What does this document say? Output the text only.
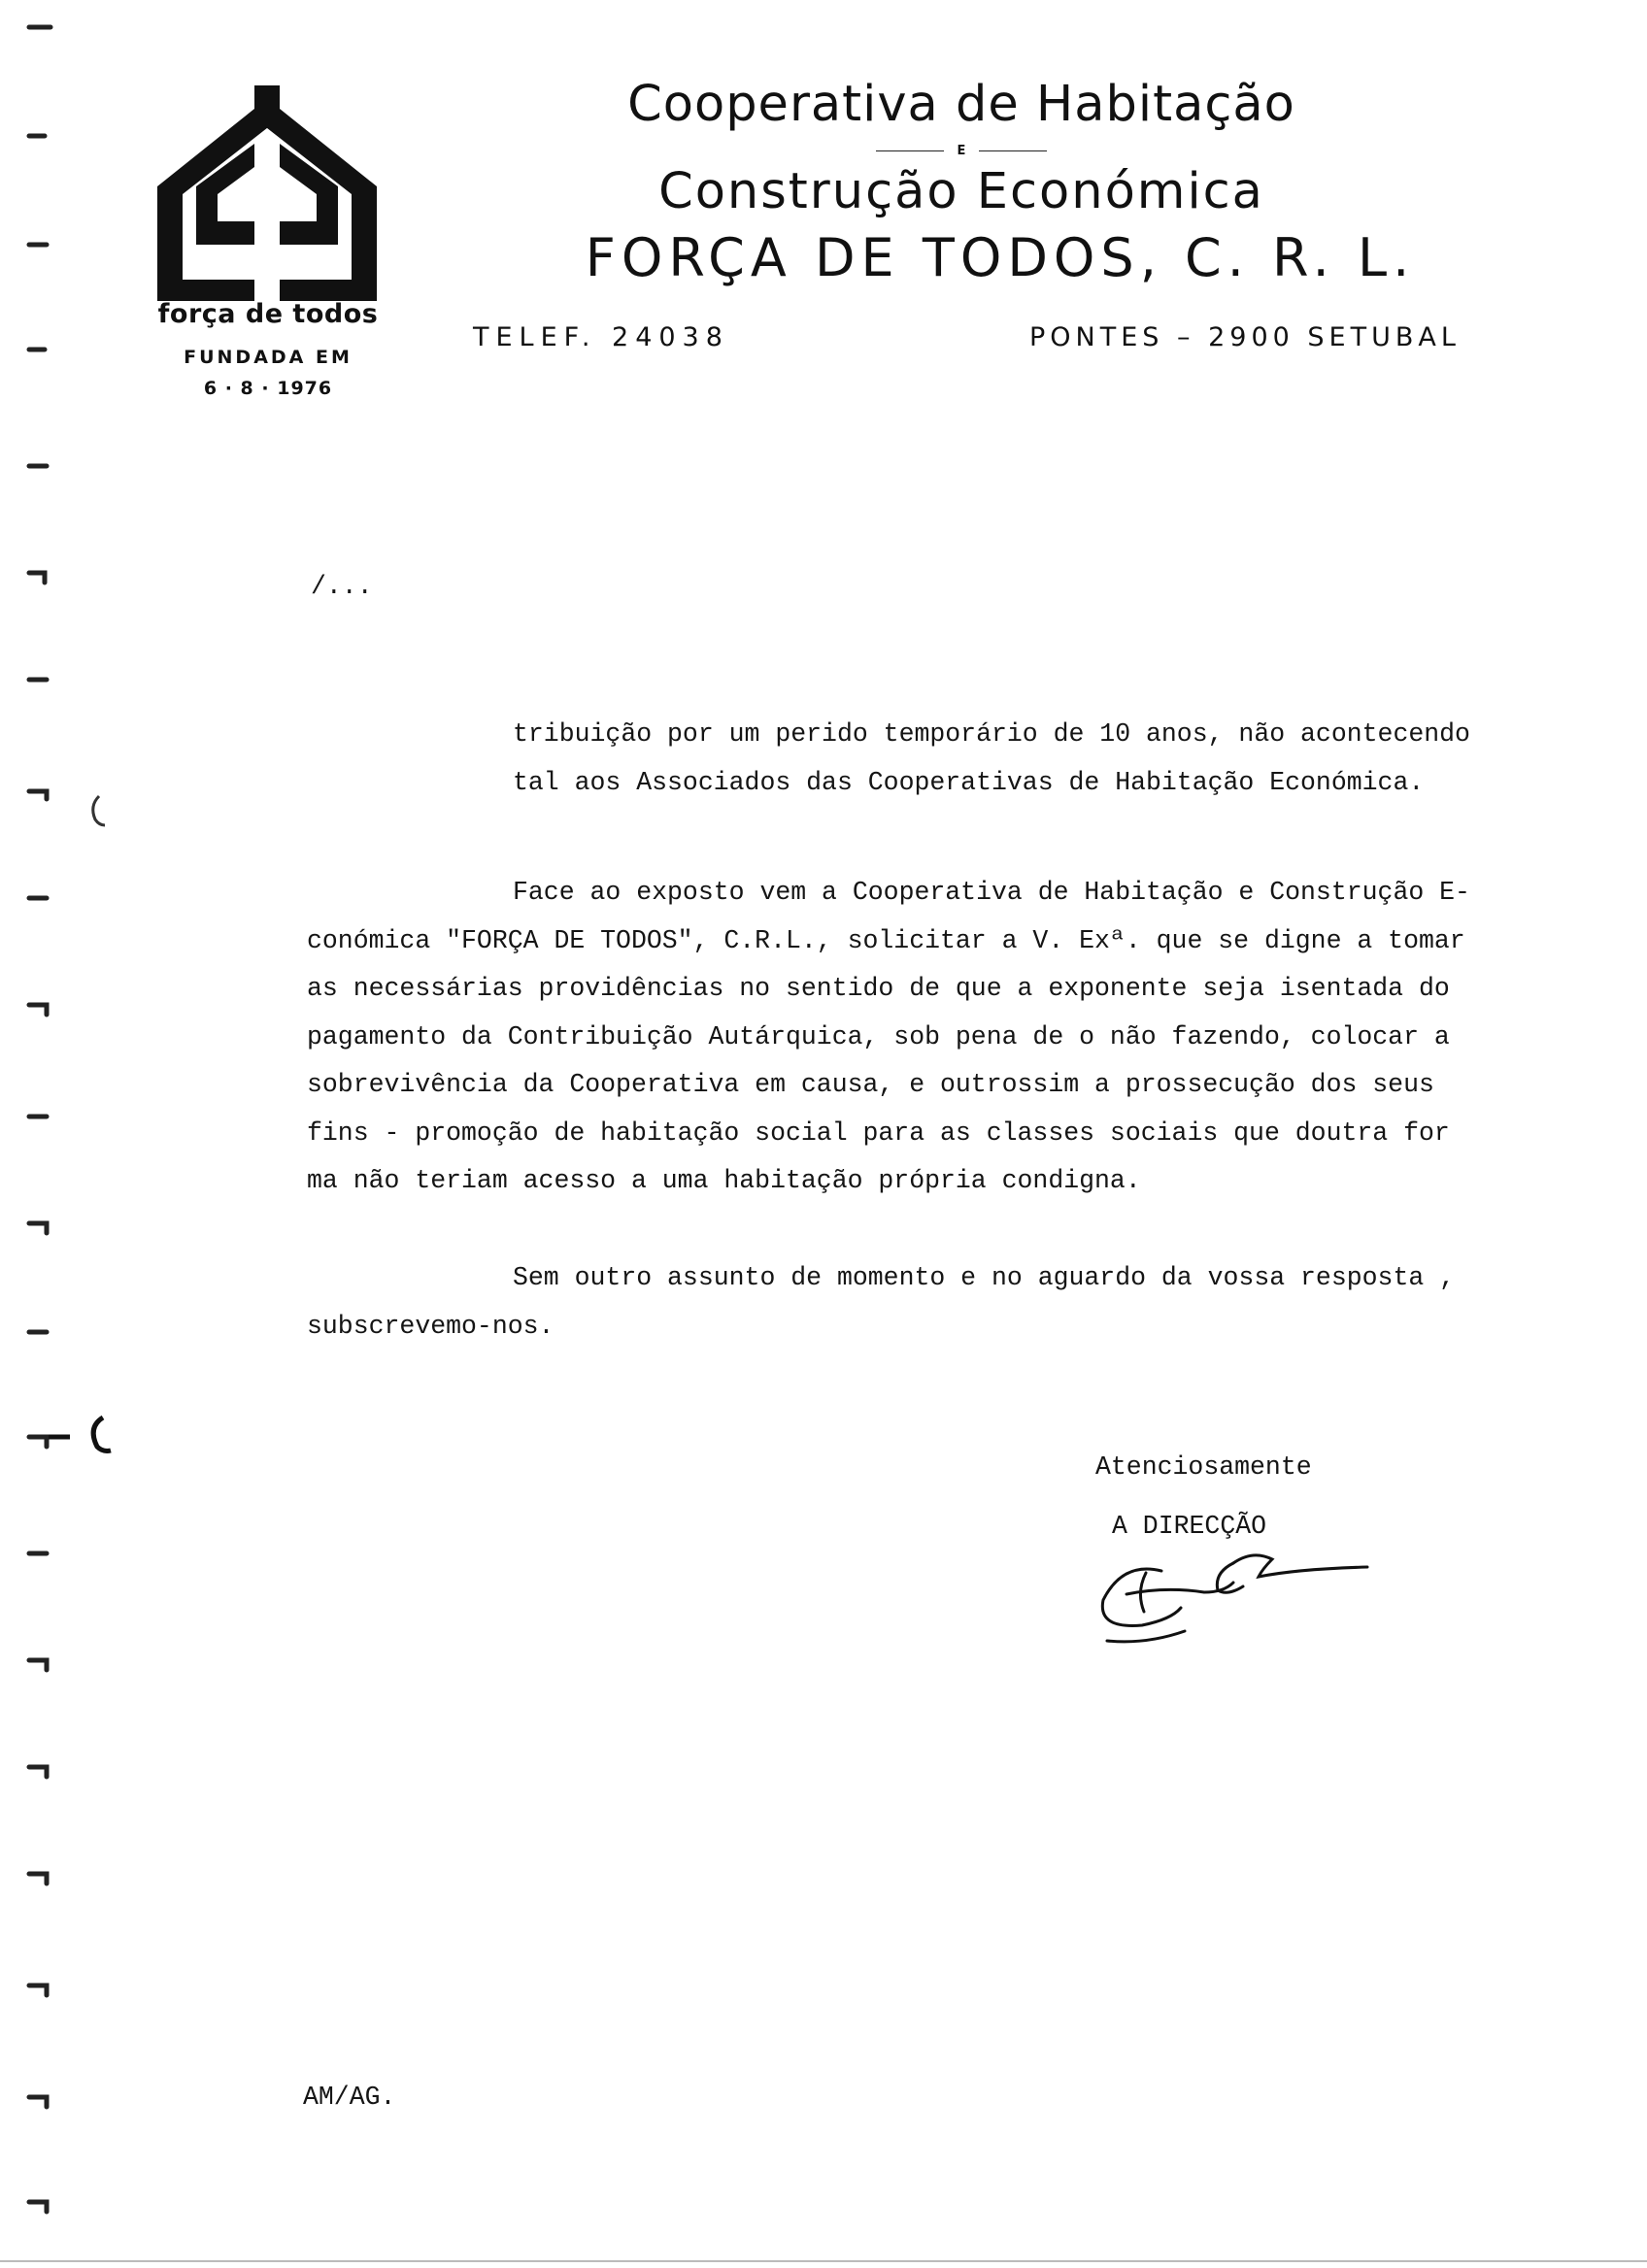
força de todos
FUNDADA EM
6 · 8 · 1976
Cooperativa de Habitação
E
Construção Económica
FORÇA DE TODOS, C. R. L.
TELEF. 24038	PONTES – 2900 SETUBAL
/...
tribuição por um perido temporário de 10 anos, não acontecendo
tal aos Associados das Cooperativas de Habitação Económica.
Face ao exposto vem a Cooperativa de Habitação e Construção E-
conómica "FORÇA DE TODOS", C.R.L., solicitar a V. Exª. que se digne a tomar
as necessárias providências no sentido de que a exponente seja isentada do
pagamento da Contribuição Autárquica, sob pena de o não fazendo, colocar a
sobrevivência da Cooperativa em causa, e outrossim a prossecução dos seus
fins - promoção de habitação social para as classes sociais que doutra for
ma não teriam acesso a uma habitação própria condigna.
Sem outro assunto de momento e no aguardo da vossa resposta ,
subscrevemo-nos.
Atenciosamente
A DIRECÇÃO
AM/AG.
